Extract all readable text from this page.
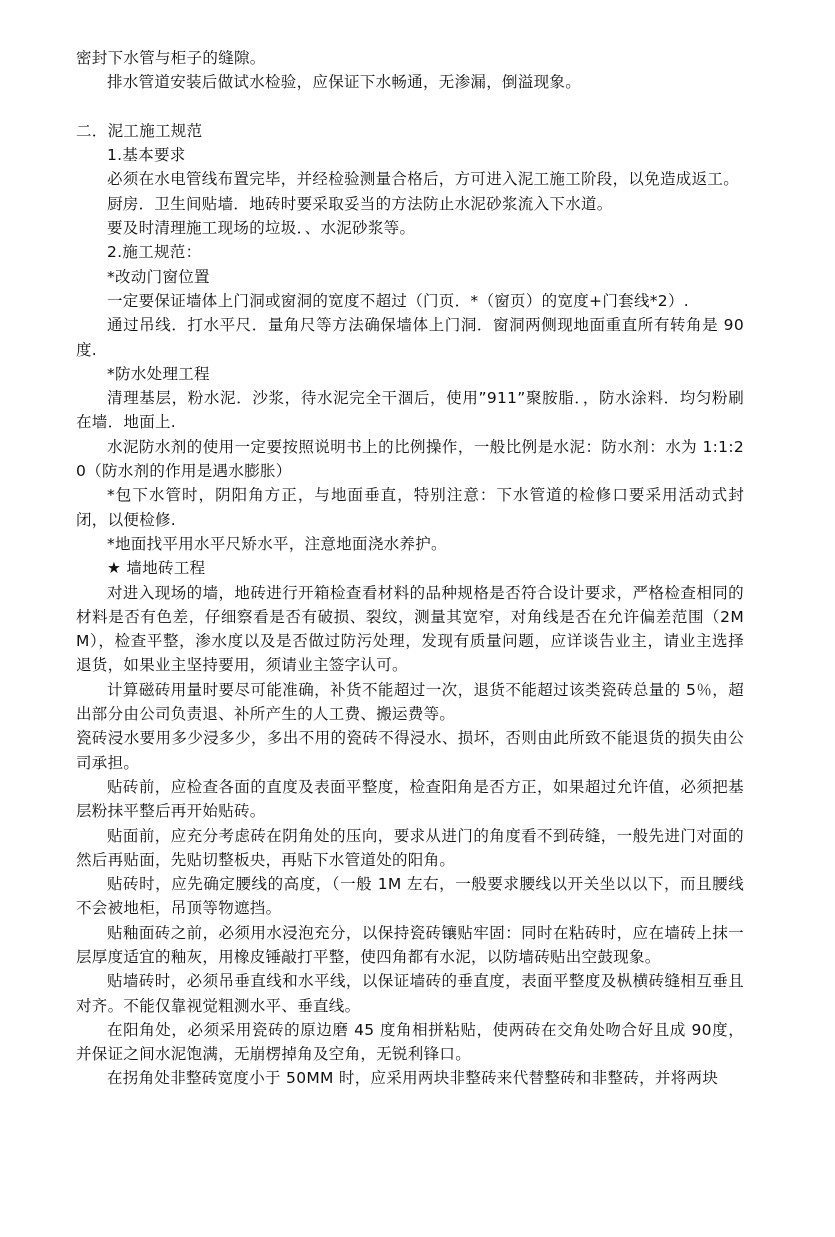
密封下水管与柜子的缝隙。

排水管道安装后做试水检验，应保证下水畅通，无渗漏，倒溢现象。

二．泥工施工规范

1.基本要求

必须在水电管线布置完毕，并经检验测量合格后，方可进入泥工施工阶段，以免造成返工。

厨房．卫生间贴墙．地砖时要采取妥当的方法防止水泥砂浆流入下水道。

要及时清理施工现场的垃圾．、水泥砂浆等。

2.施工规范：

*改动门窗位置

一定要保证墙体上门洞或窗洞的宽度不超过（门页．*（窗页）的宽度+门套线*2）.

通过吊线．打水平尺．量角尺等方法确保墙体上门洞．窗洞两侧现地面重直所有转角是 90度.

*防水处理工程

清理基层，粉水泥．沙浆，待水泥完全干涸后，使用”911”聚胺脂．，防水涂料．均匀粉刷在墙．地面上.

水泥防水剂的使用一定要按照说明书上的比例操作，一般比例是水泥：防水剂：水为 1:1:20（防水剂的作用是遇水膨胀）

*包下水管时，阴阳角方正，与地面垂直，特别注意：下水管道的检修口要采用活动式封闭，以便检修.

*地面找平用水平尺矫水平，注意地面浇水养护。

★ 墙地砖工程

对进入现场的墙，地砖进行开箱检查看材料的品种规格是否符合设计要求，严格检查相同的材料是否有色差，仔细察看是否有破损、裂纹，测量其宽窄，对角线是否在允许偏差范围（2MM），检查平整，渗水度以及是否做过防污处理，发现有质量问题，应详谈告业主，请业主选择退货，如果业主坚持要用，须请业主签字认可。

计算磁砖用量时要尽可能准确，补货不能超过一次，退货不能超过该类瓷砖总量的 5％，超出部分由公司负责退、补所产生的人工费、搬运费等。

瓷砖浸水要用多少浸多少，多出不用的瓷砖不得浸水、损坏，否则由此所致不能退货的损失由公司承担。

贴砖前，应检查各面的直度及表面平整度，检查阳角是否方正，如果超过允许值，必须把基层粉抹平整后再开始贴砖。

贴面前，应充分考虑砖在阴角处的压向，要求从进门的角度看不到砖缝，一般先进门对面的然后再贴面，先贴切整板央，再贴下水管道处的阳角。

贴砖时，应先确定腰线的高度，（一般 1M 左右，一般要求腰线以开关坐以以下，而且腰线不会被地柜，吊顶等物遮挡。

贴釉面砖之前，必须用水浸泡充分，以保持瓷砖镶贴牢固：同时在粘砖时，应在墙砖上抹一层厚度适宜的釉灰，用橡皮锤敲打平整，使四角都有水泥，以防墙砖贴出空鼓现象。

贴墙砖时，必须吊垂直线和水平线，以保证墙砖的垂直度，表面平整度及枞横砖缝相互垂且对齐。不能仅靠视觉粗测水平、垂直线。

在阳角处，必须采用瓷砖的原边磨 45 度角相拼粘贴，使两砖在交角处吻合好且成 90度，并保证之间水泥饱满，无崩楞掉角及空角，无锐利锋口。

在拐角处非整砖宽度小于 50MM 时，应采用两块非整砖来代替整砖和非整砖，并将两块
